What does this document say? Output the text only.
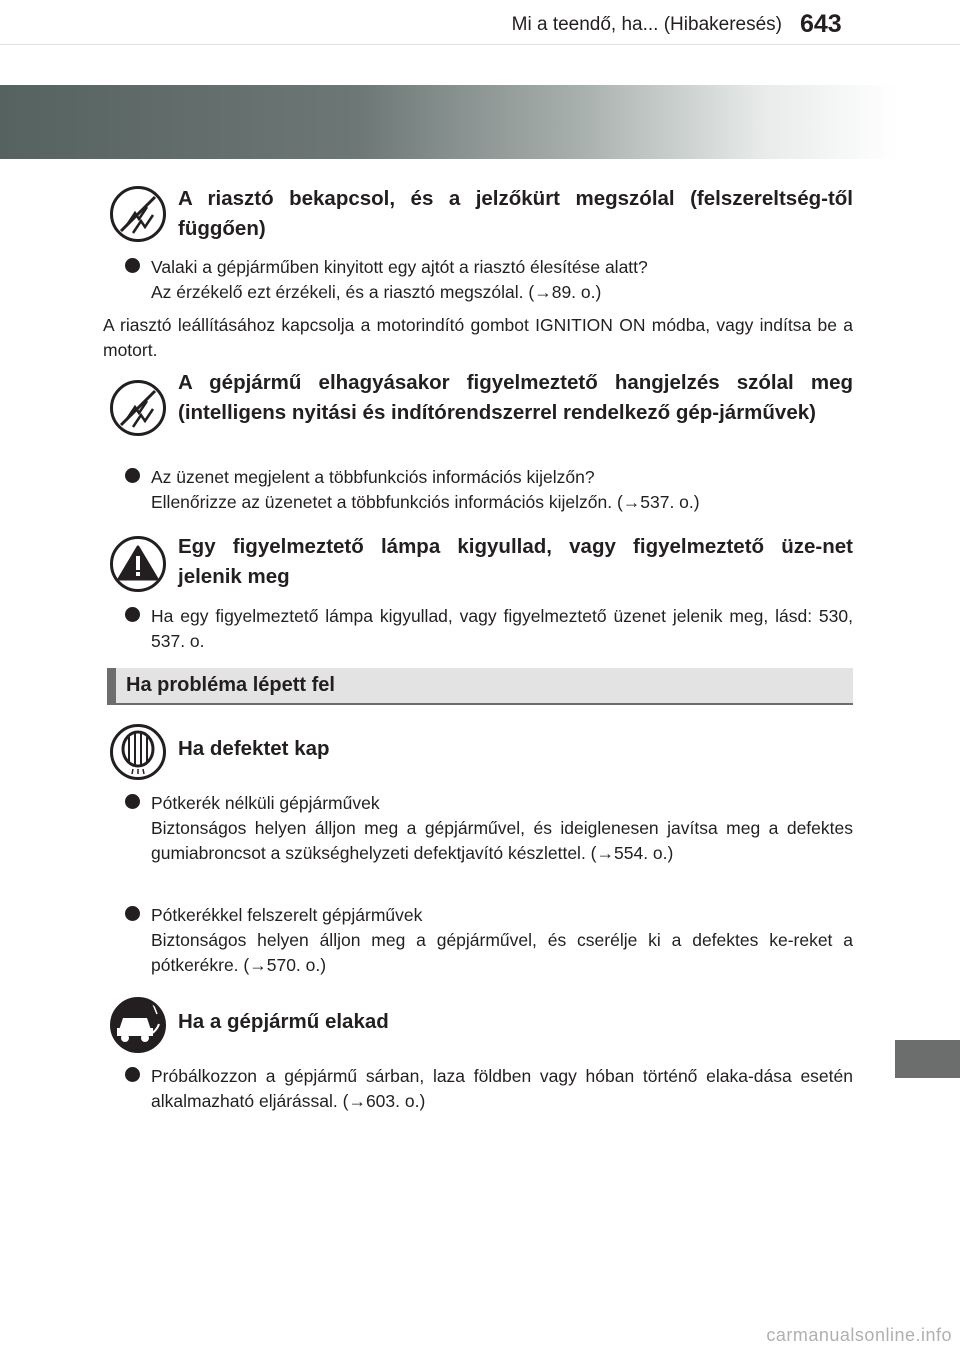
Mi a teendő, ha... (Hibakeresés) 643
A riasztó bekapcsol, és a jelzőkürt megszólal (felszereltség-től függően)

Valaki a gépjárműben kinyitott egy ajtót a riasztó élesítése alatt?

Az érzékelő ezt érzékeli, és a riasztó megszólal. (→89. o.)

A riasztó leállításához kapcsolja a motorindító gombot IGNITION ON módba, vagy indítsa be a motort.
A gépjármű elhagyásakor figyelmeztető hangjelzés szólal meg (intelligens nyitási és indítórendszerrel rendelkező gép-járművek)

Az üzenet megjelent a többfunkciós információs kijelzőn?

Ellenőrizze az üzenetet a többfunkciós információs kijelzőn. (→537. o.)

Egy figyelmeztető lámpa kigyullad, vagy figyelmeztető üze-net jelenik meg
Ha egy figyelmeztető lámpa kigyullad, vagy figyelmeztető üzenet jelenik meg, lásd: 530, 537. o.
Ha probléma lépett fel
Ha defektet kap

Pótkerék nélküli gépjárművek

Biztonságos helyen álljon meg a gépjárművel, és ideiglenesen javítsa meg a defektes gumiabroncsot a szükséghelyzeti defektjavító készlettel. (→554. o.)

Pótkerékkel felszerelt gépjárművek

Biztonságos helyen álljon meg a gépjárművel, és cserélje ki a defektes ke-reket a pótkerékre. (→570. o.)

Ha a gépjármű elakad
Próbálkozzon a gépjármű sárban, laza földben vagy hóban történő elaka-dása esetén alkalmazható eljárással. (→603. o.)
carmanualsonline.info
